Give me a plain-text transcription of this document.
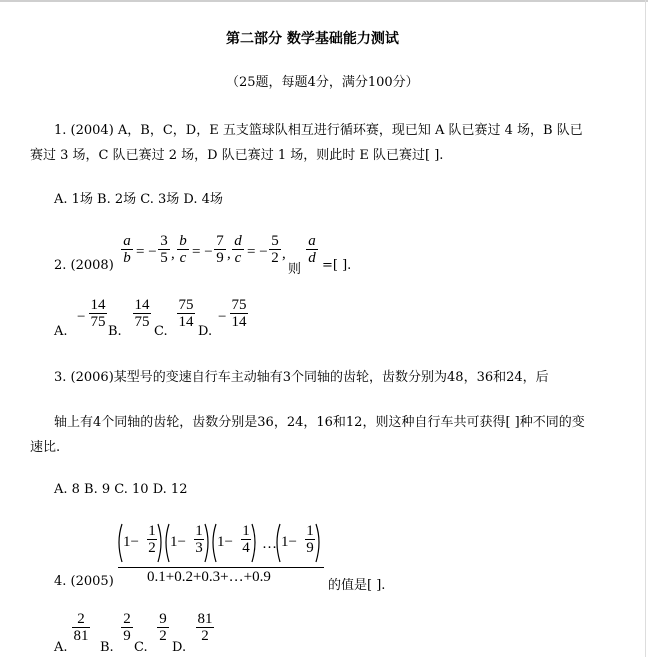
第二部分 数学基础能力测试
（25题，每题4分，满分100分）
1. (2004) A，B，C，D，E 五支篮球队相互进行循环赛，现已知 A 队已赛过 4 场，B 队已
赛过 3 场，C 队已赛过 2 场，D 队已赛过 1 场，则此时 E 队已赛过[ ].
A. 1场 B. 2场 C. 3场 D. 4场
2. (2008)
a
b = −
3
5 ,
b
c = −
7
9 ,
d
c = −
5
2 ,
则
a
d =[ ].
A.
−
14
75
B.
14
75
C.
75
14
D.
−
75
14
3. (2006)某型号的变速自行车主动轴有3个同轴的齿轮，齿数分别为48，36和24，后
轴上有4个同轴的齿轮，齿数分别是36，24，16和12，则这种自行车共可获得[ ]种不同的变
速比.
A. 8 B. 9 C. 10 D. 12
4. (2005)
1−
1
2 1−
1
3 1−
1
4 … 1−
1
9
0.1+0.2+0.3+…+0.9
的值是[ ].
A.
2
81
B.
2
9
C.
9
2
D.
81
2
